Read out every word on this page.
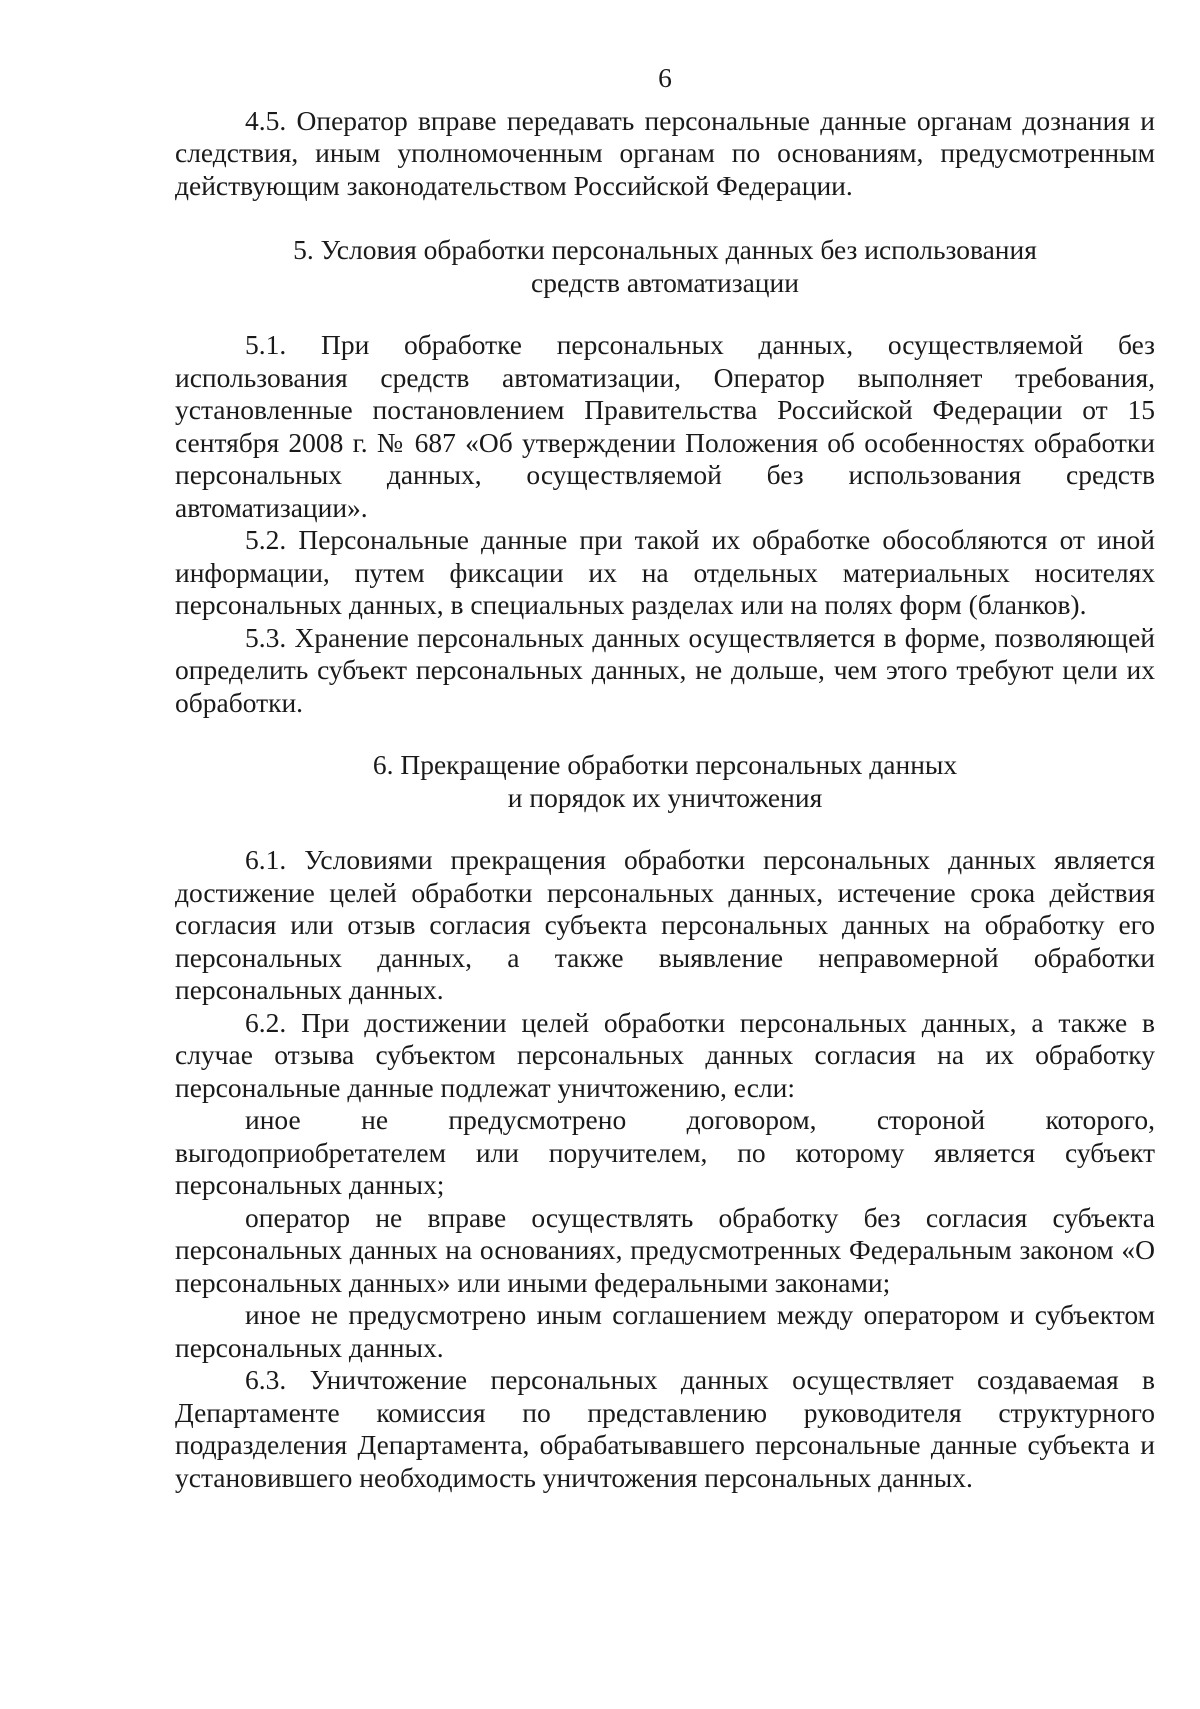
6

4.5. Оператор вправе передавать персональные данные органам дознания и следствия, иным уполномоченным органам по основаниям, предусмотренным действующим законодательством Российской Федерации.

5. Условия обработки персональных данных без использования
средств автоматизации

5.1. При обработке персональных данных, осуществляемой без использования средств автоматизации, Оператор выполняет требования, установленные постановлением Правительства Российской Федерации от 15 сентября 2008 г. № 687 «Об утверждении Положения об особенностях обработки персональных данных, осуществляемой без использования средств автоматизации».

5.2. Персональные данные при такой их обработке обособляются от иной информации, путем фиксации их на отдельных материальных носителях персональных данных, в специальных разделах или на полях форм (бланков).

5.3. Хранение персональных данных осуществляется в форме, позволяющей определить субъект персональных данных, не дольше, чем этого требуют цели их обработки.

6. Прекращение обработки персональных данных
и порядок их уничтожения

6.1. Условиями прекращения обработки персональных данных является достижение целей обработки персональных данных, истечение срока действия согласия или отзыв согласия субъекта персональных данных на обработку его персональных данных, а также выявление неправомерной обработки персональных данных.

6.2. При достижении целей обработки персональных данных, а также в случае отзыва субъектом персональных данных согласия на их обработку персональные данные подлежат уничтожению, если:

иное не предусмотрено договором, стороной которого, выгодоприобретателем или поручителем, по которому является субъект персональных данных;

оператор не вправе осуществлять обработку без согласия субъекта персональных данных на основаниях, предусмотренных Федеральным законом «О персональных данных» или иными федеральными законами;

иное не предусмотрено иным соглашением между оператором и субъектом персональных данных.

6.3. Уничтожение персональных данных осуществляет создаваемая в Департаменте комиссия по представлению руководителя структурного подразделения Департамента, обрабатывавшего персональные данные субъекта и установившего необходимость уничтожения персональных данных.
